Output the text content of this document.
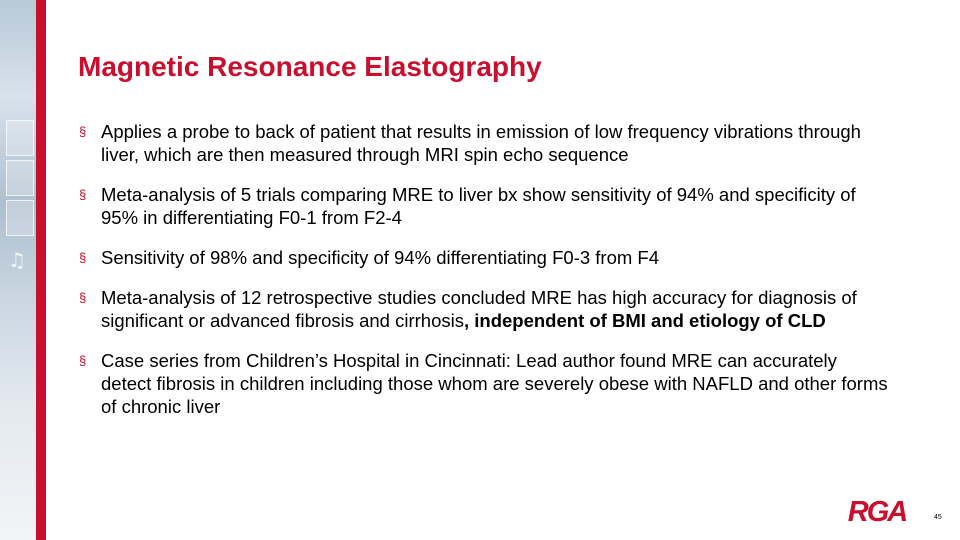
♫
Magnetic Resonance Elastography
§ Applies a probe to back of patient that results in emission of low frequency vibrations through liver, which are then measured through MRI spin echo sequence
§ Meta-analysis of 5 trials comparing MRE to liver bx show sensitivity of 94% and specificity of 95% in differentiating F0-1 from F2-4
§ Sensitivity of 98% and specificity of 94% differentiating F0-3 from F4
§ Meta-analysis of 12 retrospective studies concluded MRE has high accuracy for diagnosis of significant or advanced fibrosis and cirrhosis, independent of BMI and etiology of CLD
§ Case series from Children’s Hospital in Cincinnati: Lead author found MRE can accurately detect fibrosis in children including those whom are severely obese with NAFLD and other forms of chronic liver
RGA	45
